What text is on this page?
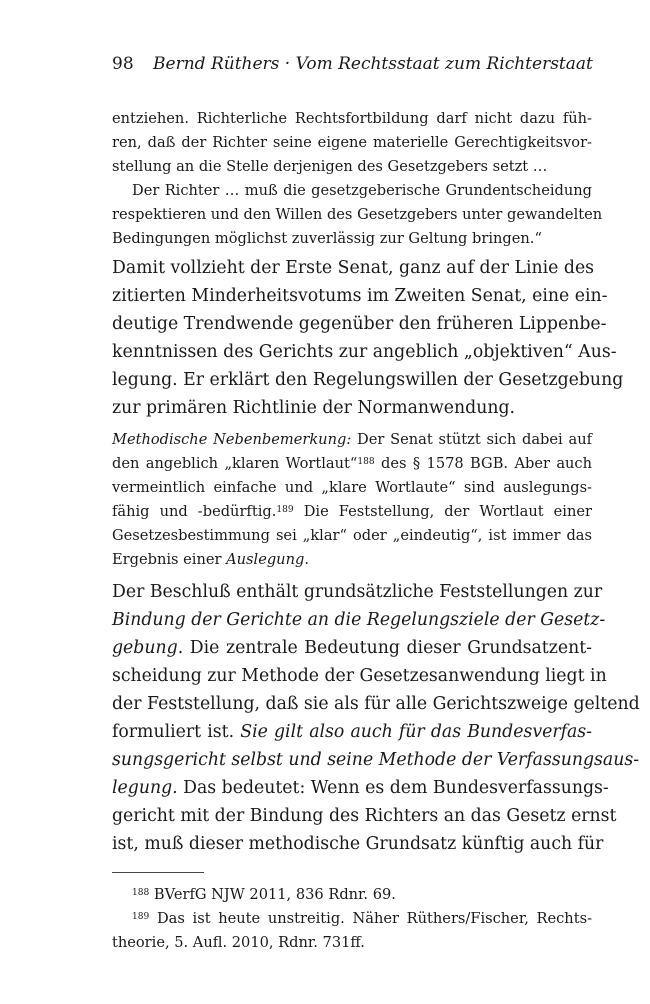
98 Bernd Rüthers · Vom Rechtsstaat zum Richterstaat
entziehen. Richterliche Rechtsfortbildung darf nicht dazu füh-
ren, daß der Richter seine eigene materielle Gerechtigkeitsvor-
stellung an die Stelle derjenigen des Gesetzgebers setzt …
Der Richter … muß die gesetzgeberische Grundentscheidung
respektieren und den Willen des Gesetzgebers unter gewandelten
Bedingungen möglichst zuverlässig zur Geltung bringen.“
Damit vollzieht der Erste Senat, ganz auf der Linie des
zitierten Minderheitsvotums im Zweiten Senat, eine ein-
deutige Trendwende gegenüber den früheren Lippenbe-
kenntnissen des Gerichts zur angeblich „objektiven“ Aus-
legung. Er erklärt den Regelungswillen der Gesetzgebung
zur primären Richtlinie der Normanwendung.
Methodische Nebenbemerkung: Der Senat stützt sich dabei auf
den angeblich „klaren Wortlaut“$^{188}$ des § 1578 BGB. Aber auch
vermeintlich einfache und „klare Wortlaute“ sind auslegungs-
fähig und -bedürftig.$^{189}$ Die Feststellung, der Wortlaut einer
Gesetzesbestimmung sei „klar“ oder „eindeutig“, ist immer das
Ergebnis einer Auslegung.
Der Beschluß enthält grundsätzliche Feststellungen zur
Bindung der Gerichte an die Regelungsziele der Gesetz-
gebung. Die zentrale Bedeutung dieser Grundsatzent-
scheidung zur Methode der Gesetzesanwendung liegt in
der Feststellung, daß sie als für alle Gerichtszweige geltend
formuliert ist. Sie gilt also auch für das Bundesverfas-
sungsgericht selbst und seine Methode der Verfassungsaus-
legung. Das bedeutet: Wenn es dem Bundesverfassungs-
gericht mit der Bindung des Richters an das Gesetz ernst
ist, muß dieser methodische Grundsatz künftig auch für
$^{188}$ BVerfG NJW 2011, 836 Rdnr. 69.
$^{189}$ Das ist heute unstreitig. Näher Rüthers/Fischer, Rechts-
theorie, 5. Aufl. 2010, Rdnr. 731ff.
